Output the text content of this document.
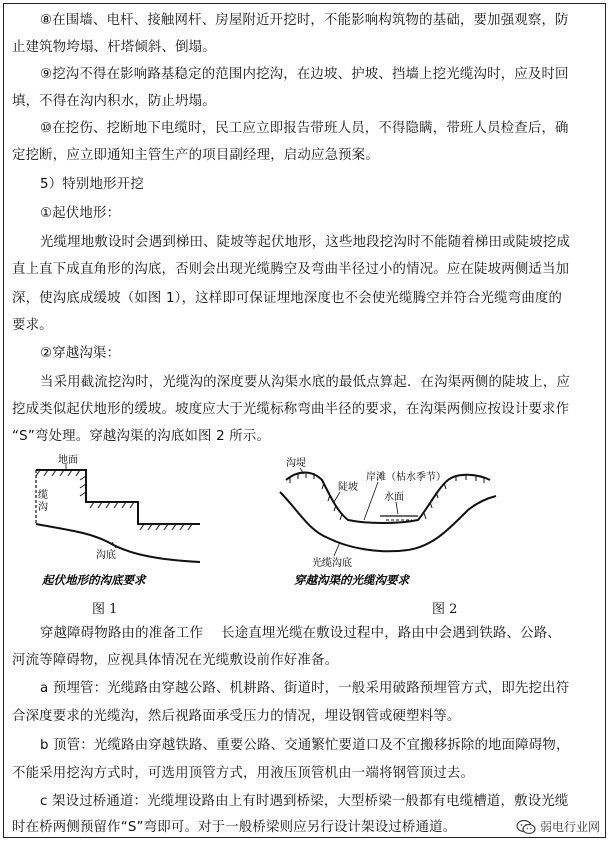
⑧在围墙、电杆、接触网杆、房屋附近开挖时，不能影响构筑物的基础，要加强观察，防
止建筑物垮塌、杆塔倾斜、倒塌。
⑨挖沟不得在影响路基稳定的范围内挖沟，在边坡、护坡、挡墙上挖光缆沟时，应及时回
填，不得在沟内积水，防止坍塌。
⑩在挖伤、挖断地下电缆时，民工应立即报告带班人员，不得隐瞒，带班人员检查后，确
定挖断，应立即通知主管生产的项目副经理，启动应急预案。
5）特别地形开挖
①起伏地形：
光缆埋地敷设时会遇到梯田、陡坡等起伏地形，这些地段挖沟时不能随着梯田或陡坡挖成
直上直下成直角形的沟底，否则会出现光缆腾空及弯曲半径过小的情况。应在陡坡两侧适当加
深，使沟底成缓坡（如图 1），这样即可保证埋地深度也不会使光缆腾空并符合光缆弯曲度的
要求。
②穿越沟渠：
当采用截流挖沟时，光缆沟的深度要从沟渠水底的最低点算起．在沟渠两侧的陡坡上，应
挖成类似起伏地形的缓坡。坡度应大于光缆标称弯曲半径的要求，在沟渠两侧应按设计要求作
“S”弯处理。穿越沟渠的沟底如图 2 所示。
地面
缆
沟
沟底
起伏地形的沟底要求
图 1
沟堤
陡坡
岸滩（枯水季节）
水面
光缆沟底
穿越沟渠的光缆沟要求
图 2
穿越障碍物路由的准备工作　 长途直埋光缆在敷设过程中，路由中会遇到铁路、公路、
河流等障碍物，应视具体情况在光缆敷设前作好准备。
a 预埋管：光缆路由穿越公路、机耕路、街道时，一般采用破路预埋管方式，即先挖出符
合深度要求的光缆沟，然后视路面承受压力的情况，埋设钢管或硬塑料等。
b 顶管：光缆路由穿越铁路、重要公路、交通繁忙要道口及不宜搬移拆除的地面障碍物，
不能采用挖沟方式时，可选用顶管方式，用液压顶管机由一端将钢管顶过去。
c 架设过桥通道：光缆埋设路由上有时遇到桥梁，大型桥梁一般都有电缆槽道，敷设光缆
时在桥两侧预留作“S”弯即可。对于一般桥梁则应另行设计架设过桥通道。	弱电行业网
